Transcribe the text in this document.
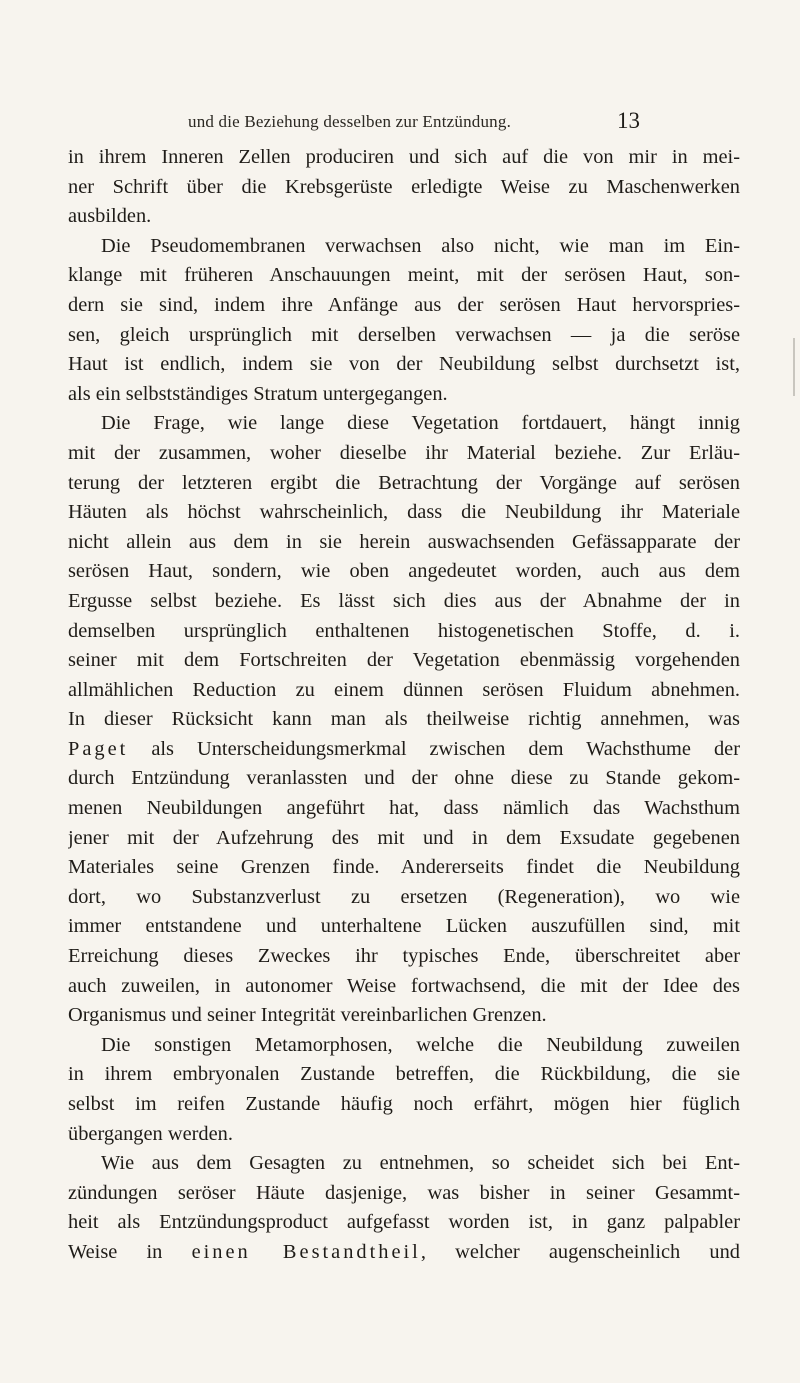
und die Beziehung desselben zur Entzündung.	13
in ihrem Inneren Zellen produciren und sich auf die von mir in mei-
ner Schrift über die Krebsgerüste erledigte Weise zu Maschenwerken
ausbilden.
Die Pseudomembranen verwachsen also nicht, wie man im Ein-
klange mit früheren Anschauungen meint, mit der serösen Haut, son-
dern sie sind, indem ihre Anfänge aus der serösen Haut hervorspries-
sen, gleich ursprünglich mit derselben verwachsen — ja die seröse
Haut ist endlich, indem sie von der Neubildung selbst durchsetzt ist,
als ein selbstständiges Stratum untergegangen.
Die Frage, wie lange diese Vegetation fortdauert, hängt innig
mit der zusammen, woher dieselbe ihr Material beziehe. Zur Erläu-
terung der letzteren ergibt die Betrachtung der Vorgänge auf serösen
Häuten als höchst wahrscheinlich, dass die Neubildung ihr Materiale
nicht allein aus dem in sie herein auswachsenden Gefässapparate der
serösen Haut, sondern, wie oben angedeutet worden, auch aus dem
Ergusse selbst beziehe. Es lässt sich dies aus der Abnahme der in
demselben ursprünglich enthaltenen histogenetischen Stoffe, d. i.
seiner mit dem Fortschreiten der Vegetation ebenmässig vorgehenden
allmählichen Reduction zu einem dünnen serösen Fluidum abnehmen.
In dieser Rücksicht kann man als theilweise richtig annehmen, was
Paget als Unterscheidungsmerkmal zwischen dem Wachsthume der
durch Entzündung veranlassten und der ohne diese zu Stande gekom-
menen Neubildungen angeführt hat, dass nämlich das Wachsthum
jener mit der Aufzehrung des mit und in dem Exsudate gegebenen
Materiales seine Grenzen finde. Andererseits findet die Neubildung
dort, wo Substanzverlust zu ersetzen (Regeneration), wo wie
immer entstandene und unterhaltene Lücken auszufüllen sind, mit
Erreichung dieses Zweckes ihr typisches Ende, überschreitet aber
auch zuweilen, in autonomer Weise fortwachsend, die mit der Idee des
Organismus und seiner Integrität vereinbarlichen Grenzen.
Die sonstigen Metamorphosen, welche die Neubildung zuweilen
in ihrem embryonalen Zustande betreffen, die Rückbildung, die sie
selbst im reifen Zustande häufig noch erfährt, mögen hier füglich
übergangen werden.
Wie aus dem Gesagten zu entnehmen, so scheidet sich bei Ent-
zündungen seröser Häute dasjenige, was bisher in seiner Gesammt-
heit als Entzündungsproduct aufgefasst worden ist, in ganz palpabler
Weise in einen Bestandtheil, welcher augenscheinlich und
